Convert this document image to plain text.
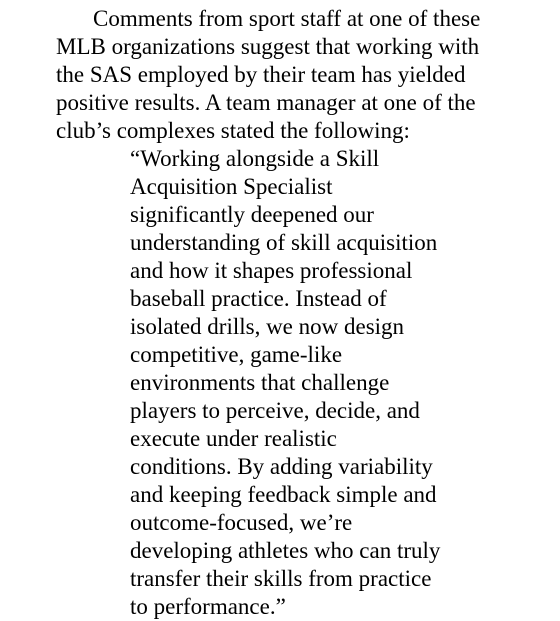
Comments from sport staff at one of these
MLB organizations suggest that working with
the SAS employed by their team has yielded
positive results. A team manager at one of the
club’s complexes stated the following:
“Working alongside a Skill
Acquisition Specialist
significantly deepened our
understanding of skill acquisition
and how it shapes professional
baseball practice. Instead of
isolated drills, we now design
competitive, game-like
environments that challenge
players to perceive, decide, and
execute under realistic
conditions. By adding variability
and keeping feedback simple and
outcome-focused, we’re
developing athletes who can truly
transfer their skills from practice
to performance.”
